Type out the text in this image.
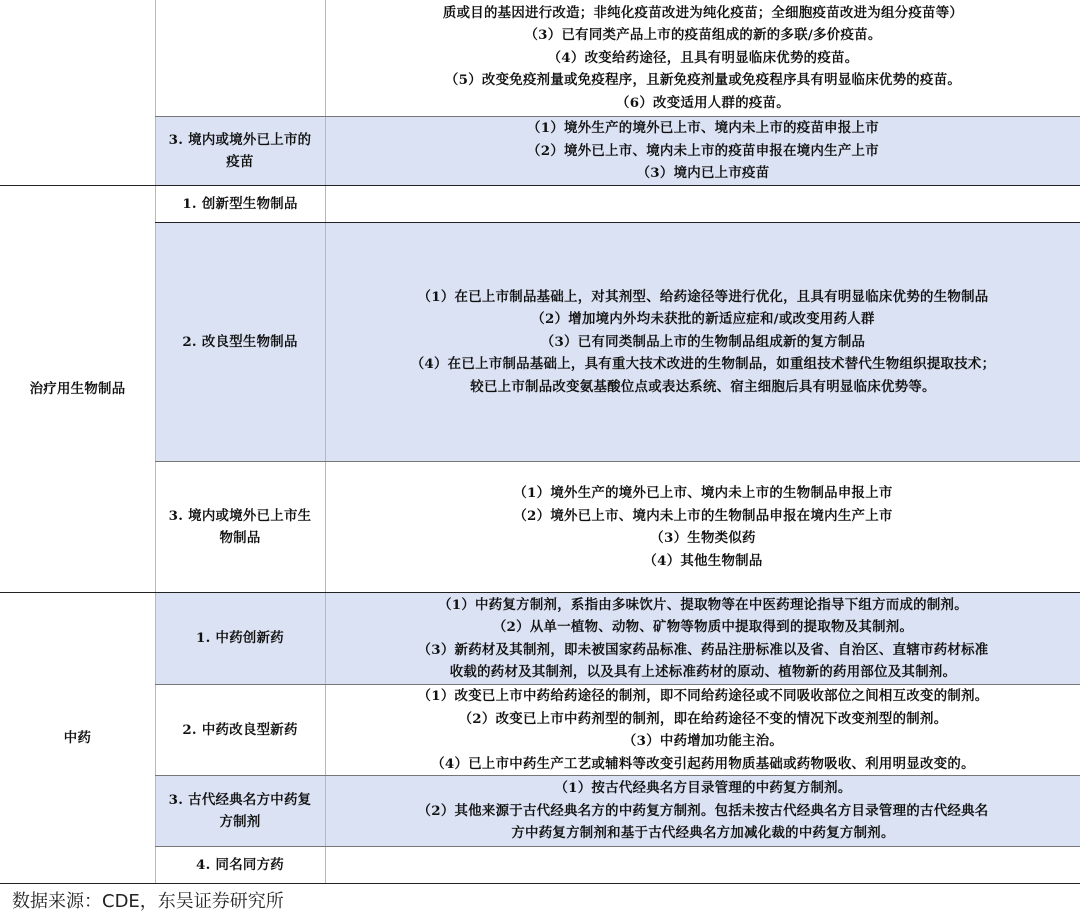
质或目的基因进行改造；非纯化疫苗改进为纯化疫苗；全细胞疫苗改进为组分疫苗等）
（3）已有同类产品上市的疫苗组成的新的多联/多价疫苗。
（4）改变给药途径，且具有明显临床优势的疫苗。
（5）改变免疫剂量或免疫程序，且新免疫剂量或免疫程序具有明显临床优势的疫苗。
（6）改变适用人群的疫苗。
3. 境内或境外已上市的疫苗
（1）境外生产的境外已上市、境内未上市的疫苗申报上市
（2）境外已上市、境内未上市的疫苗申报在境内生产上市
（3）境内已上市疫苗
治疗用生物制品
1. 创新型生物制品
2. 改良型生物制品
（1）在已上市制品基础上，对其剂型、给药途径等进行优化，且具有明显临床优势的生物制品
（2）增加境内外均未获批的新适应症和/或改变用药人群
（3）已有同类制品上市的生物制品组成新的复方制品
（4）在已上市制品基础上，具有重大技术改进的生物制品，如重组技术替代生物组织提取技术；
较已上市制品改变氨基酸位点或表达系统、宿主细胞后具有明显临床优势等。
3. 境内或境外已上市生物制品
（1）境外生产的境外已上市、境内未上市的生物制品申报上市
（2）境外已上市、境内未上市的生物制品申报在境内生产上市
（3）生物类似药
（4）其他生物制品
中药
1. 中药创新药
（1）中药复方制剂，系指由多味饮片、提取物等在中医药理论指导下组方而成的制剂。
（2）从单一植物、动物、矿物等物质中提取得到的提取物及其制剂。
（3）新药材及其制剂，即未被国家药品标准、药品注册标准以及省、自治区、直辖市药材标准
收载的药材及其制剂，以及具有上述标准药材的原动、植物新的药用部位及其制剂。
2. 中药改良型新药
（1）改变已上市中药给药途径的制剂，即不同给药途径或不同吸收部位之间相互改变的制剂。
（2）改变已上市中药剂型的制剂，即在给药途径不变的情况下改变剂型的制剂。
（3）中药增加功能主治。
（4）已上市中药生产工艺或辅料等改变引起药用物质基础或药物吸收、利用明显改变的。
3. 古代经典名方中药复方制剂
（1）按古代经典名方目录管理的中药复方制剂。
（2）其他来源于古代经典名方的中药复方制剂。包括未按古代经典名方目录管理的古代经典名
方中药复方制剂和基于古代经典名方加减化裁的中药复方制剂。
4. 同名同方药
数据来源：CDE，东吴证券研究所
